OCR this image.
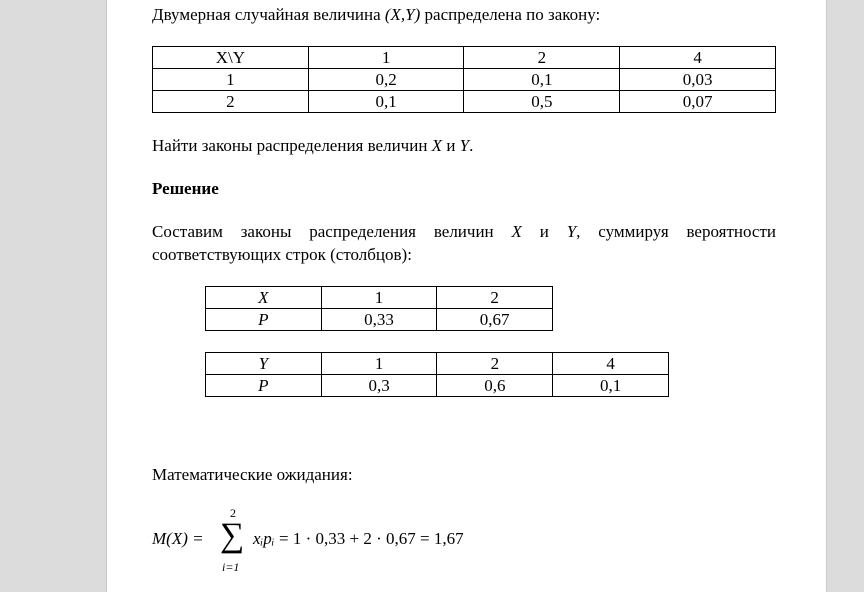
Двумерная случайная величина (X,Y) распределена по закону:
X\Y	1	2	4
1	0,2	0,1	0,03
2	0,1	0,5	0,07
Найти законы распределения величин X и Y.
Решение
Составим законы распределения величин X и Y, суммируя вероятности
соответствующих строк (столбцов):
X	1	2
P	0,33	0,67
Y	1	2	4
P	0,3	0,6	0,1
Математические ожидания:
M(X) =
2
∑
i=1
xᵢpᵢ = 1 · 0,33 + 2 · 0,67 = 1,67
